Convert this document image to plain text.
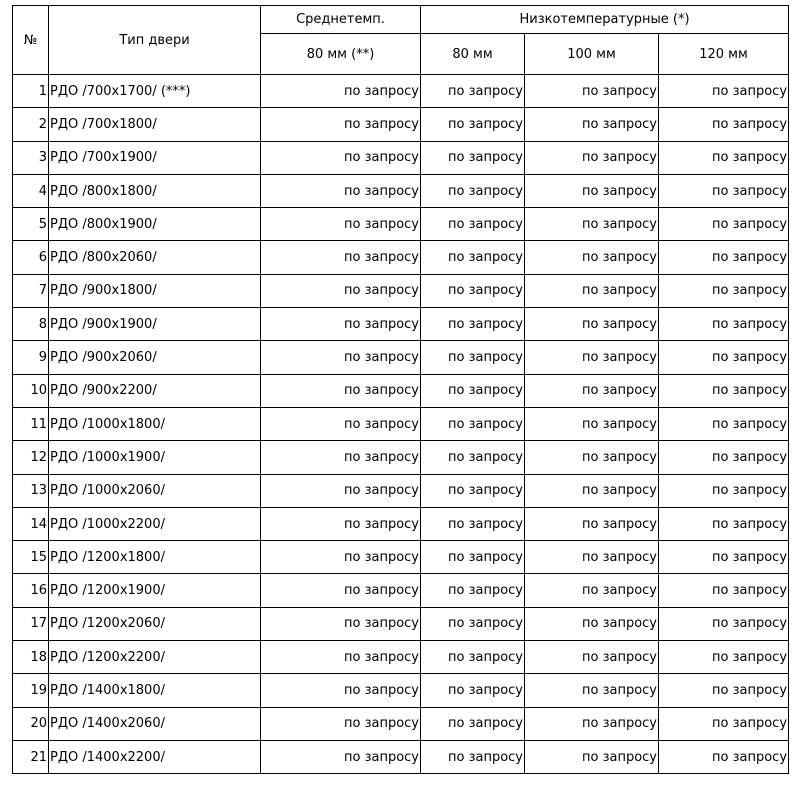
№	Тип двери	Среднетемп.	Низкотемпературные (*)		
		80 мм (**)	80 мм	100 мм	120 мм
1	РДО /700x1700/ (***)	по запросу	по запросу	по запросу	по запросу
2	РДО /700x1800/	по запросу	по запросу	по запросу	по запросу
3	РДО /700x1900/	по запросу	по запросу	по запросу	по запросу
4	РДО /800x1800/	по запросу	по запросу	по запросу	по запросу
5	РДО /800x1900/	по запросу	по запросу	по запросу	по запросу
6	РДО /800x2060/	по запросу	по запросу	по запросу	по запросу
7	РДО /900x1800/	по запросу	по запросу	по запросу	по запросу
8	РДО /900x1900/	по запросу	по запросу	по запросу	по запросу
9	РДО /900x2060/	по запросу	по запросу	по запросу	по запросу
10	РДО /900x2200/	по запросу	по запросу	по запросу	по запросу
11	РДО /1000x1800/	по запросу	по запросу	по запросу	по запросу
12	РДО /1000x1900/	по запросу	по запросу	по запросу	по запросу
13	РДО /1000x2060/	по запросу	по запросу	по запросу	по запросу
14	РДО /1000x2200/	по запросу	по запросу	по запросу	по запросу
15	РДО /1200x1800/	по запросу	по запросу	по запросу	по запросу
16	РДО /1200x1900/	по запросу	по запросу	по запросу	по запросу
17	РДО /1200x2060/	по запросу	по запросу	по запросу	по запросу
18	РДО /1200x2200/	по запросу	по запросу	по запросу	по запросу
19	РДО /1400x1800/	по запросу	по запросу	по запросу	по запросу
20	РДО /1400x2060/	по запросу	по запросу	по запросу	по запросу
21	РДО /1400x2200/	по запросу	по запросу	по запросу	по запросу
